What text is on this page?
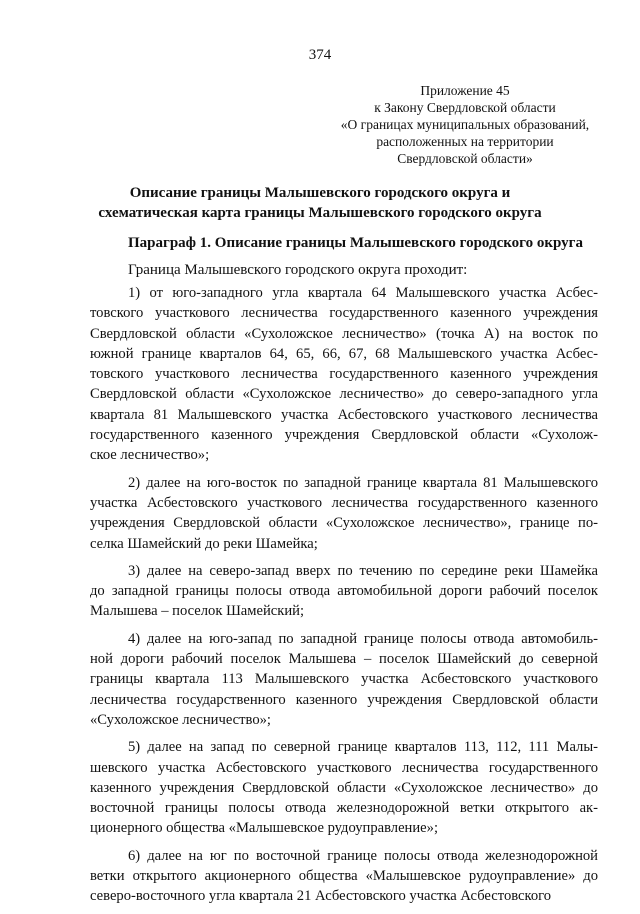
374
Приложение 45
к Закону Свердловской области
«О границах муниципальных образований,
расположенных на территории
Свердловской области»
Описание границы Малышевского городского округа и
схематическая карта границы Малышевского городского округа
Параграф 1. Описание границы Малышевского городского округа
Граница Малышевского городского округа проходит:
1) от юго-западного угла квартала 64 Малышевского участка Асбес-
товского участкового лесничества государственного казенного учреждения
Свердловской области «Сухоложское лесничество» (точка А) на восток по
южной границе кварталов 64, 65, 66, 67, 68 Малышевского участка Асбес-
товского участкового лесничества государственного казенного учреждения
Свердловской области «Сухоложское лесничество» до северо-западного угла
квартала 81 Малышевского участка Асбестовского участкового лесничества
государственного казенного учреждения Свердловской области «Сухолож-
ское лесничество»;
2) далее на юго-восток по западной границе квартала 81 Малышевского
участка Асбестовского участкового лесничества государственного казенного
учреждения Свердловской области «Сухоложское лесничество», границе по-
селка Шамейский до реки Шамейка;
3) далее на северо-запад вверх по течению по середине реки Шамейка
до западной границы полосы отвода автомобильной дороги рабочий поселок
Малышева – поселок Шамейский;
4) далее на юго-запад по западной границе полосы отвода автомобиль-
ной дороги рабочий поселок Малышева – поселок Шамейский до северной
границы квартала 113 Малышевского участка Асбестовского участкового
лесничества государственного казенного учреждения Свердловской области
«Сухоложское лесничество»;
5) далее на запад по северной границе кварталов 113, 112, 111 Малы-
шевского участка Асбестовского участкового лесничества государственного
казенного учреждения Свердловской области «Сухоложское лесничество» до
восточной границы полосы отвода железнодорожной ветки открытого ак-
ционерного общества «Малышевское рудоуправление»;
6) далее на юг по восточной границе полосы отвода железнодорожной
ветки открытого акционерного общества «Малышевское рудоуправление» до
северо-восточного угла квартала 21 Асбестовского участка Асбестовского
